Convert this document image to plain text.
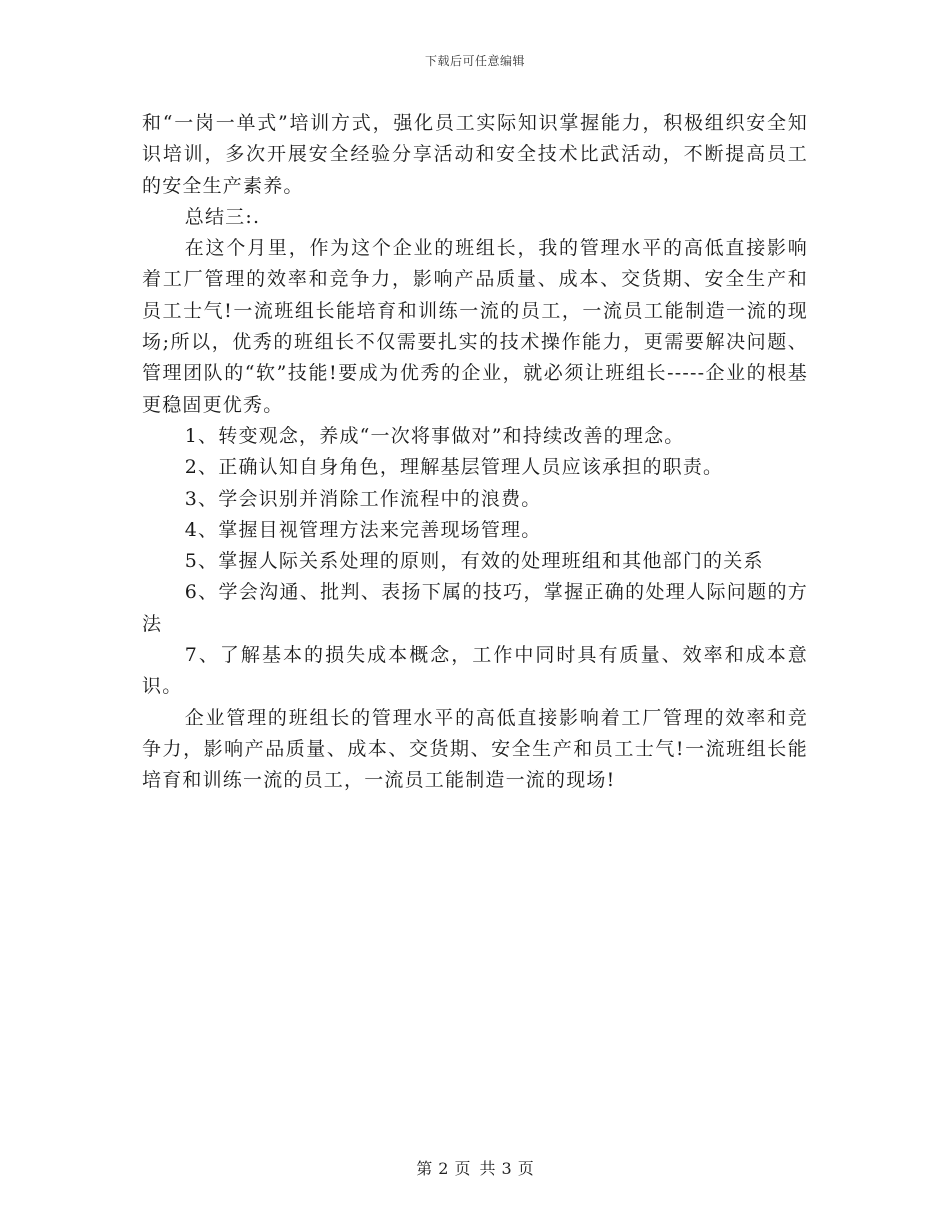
下载后可任意编辑

和“一岗一单式”培训方式，强化员工实际知识掌握能力，积极组织安全知识培训，多次开展安全经验分享活动和安全技术比武活动，不断提高员工的安全生产素养。

总结三:.

在这个月里，作为这个企业的班组长，我的管理水平的高低直接影响着工厂管理的效率和竞争力，影响产品质量、成本、交货期、安全生产和员工士气!一流班组长能培育和训练一流的员工，一流员工能制造一流的现场;所以，优秀的班组长不仅需要扎实的技术操作能力，更需要解决问题、管理团队的“软”技能!要成为优秀的企业，就必须让班组长-----企业的根基更稳固更优秀。

1、转变观念，养成“一次将事做对”和持续改善的理念。

2、正确认知自身角色，理解基层管理人员应该承担的职责。

3、学会识别并消除工作流程中的浪费。

4、掌握目视管理方法来完善现场管理。

5、掌握人际关系处理的原则，有效的处理班组和其他部门的关系

6、学会沟通、批判、表扬下属的技巧，掌握正确的处理人际问题的方法

7、了解基本的损失成本概念，工作中同时具有质量、效率和成本意识。

企业管理的班组长的管理水平的高低直接影响着工厂管理的效率和竞争力，影响产品质量、成本、交货期、安全生产和员工士气!一流班组长能培育和训练一流的员工，一流员工能制造一流的现场!

第 2 页 共 3 页
